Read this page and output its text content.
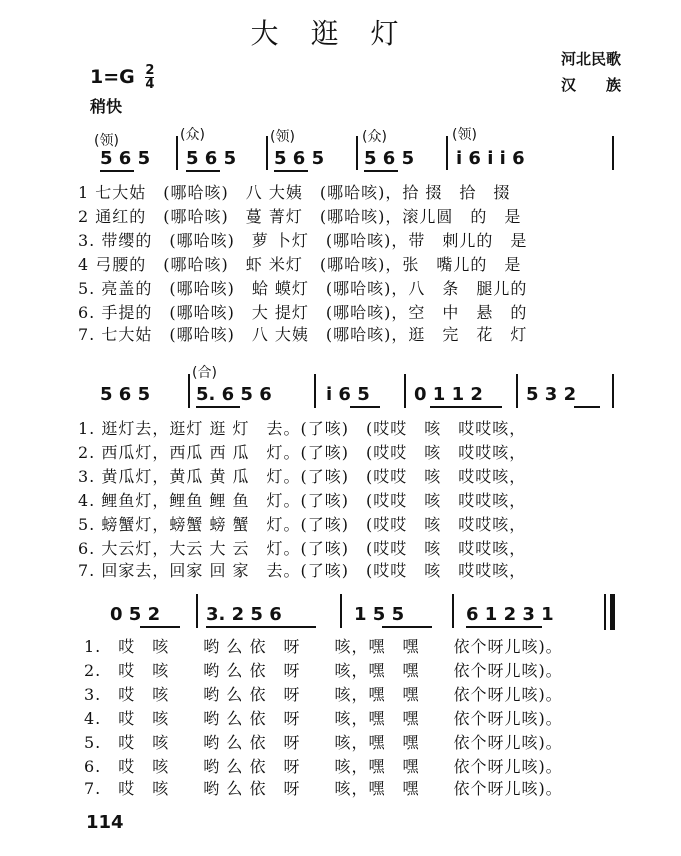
大逛灯
河北民歌
汉　　族
$1=G \frac{2}{4}$
稍快
(领)	(众)	(领)	(众)	(领)
5 6 5 5 6 5 5 6 5 5 6 5 i̇ 6 i̇ i̇ 6
1 七大姑　(哪哈咳)　八 大姨　(哪哈咳)，拾 掇　拾　掇
2 通红的　(哪哈咳)　蔓 菁灯　(哪哈咳)，滚儿圆　的　是
3. 带缨的　(哪哈咳)　萝 卜灯　(哪哈咳)，带　刺儿的　是
4 弓腰的　(哪哈咳)　虾 米灯　(哪哈咳)，张　嘴儿的　是
5. 亮盖的　(哪哈咳)　蛤 蟆灯　(哪哈咳)，八　条　腿儿的
6. 手提的　(哪哈咳)　大 提灯　(哪哈咳)，空　中　悬　的
7. 七大姑　(哪哈咳)　八 大姨　(哪哈咳)，逛　完　花　灯
(合)
5 6 5	5. 6 5 6	i̇ 6 5 0 1 1 2 5 3 2
1. 逛灯去，逛灯 逛 灯　去。(了咳)　(哎哎　咳　哎哎咳，
2. 西瓜灯，西瓜 西 瓜　灯。(了咳)　(哎哎　咳　哎哎咳，
3. 黄瓜灯，黄瓜 黄 瓜　灯。(了咳)　(哎哎　咳　哎哎咳，
4. 鲤鱼灯，鲤鱼 鲤 鱼　灯。(了咳)　(哎哎　咳　哎哎咳，
5. 螃蟹灯，螃蟹 螃 蟹　灯。(了咳)　(哎哎　咳　哎哎咳，
6. 大云灯，大云 大 云　灯。(了咳)　(哎哎　咳　哎哎咳，
7. 回家去，回家 回 家　去。(了咳)　(哎哎　咳　哎哎咳，
0 5 2	3. 2 5 6	1 5 5	6 1 2 3 1
1.　哎　咳　　哟 么 依　呀　　咳，嘿　嘿　　依个呀儿咳)。
2.　哎　咳　　哟 么 依　呀　　咳，嘿　嘿　　依个呀儿咳)。
3.　哎　咳　　哟 么 依　呀　　咳，嘿　嘿　　依个呀儿咳)。
4.　哎　咳　　哟 么 依　呀　　咳，嘿　嘿　　依个呀儿咳)。
5.　哎　咳　　哟 么 依　呀　　咳，嘿　嘿　　依个呀儿咳)。
6.　哎　咳　　哟 么 依　呀　　咳，嘿　嘿　　依个呀儿咳)。
7.　哎　咳　　哟 么 依　呀　　咳，嘿　嘿　　依个呀儿咳)。
114
